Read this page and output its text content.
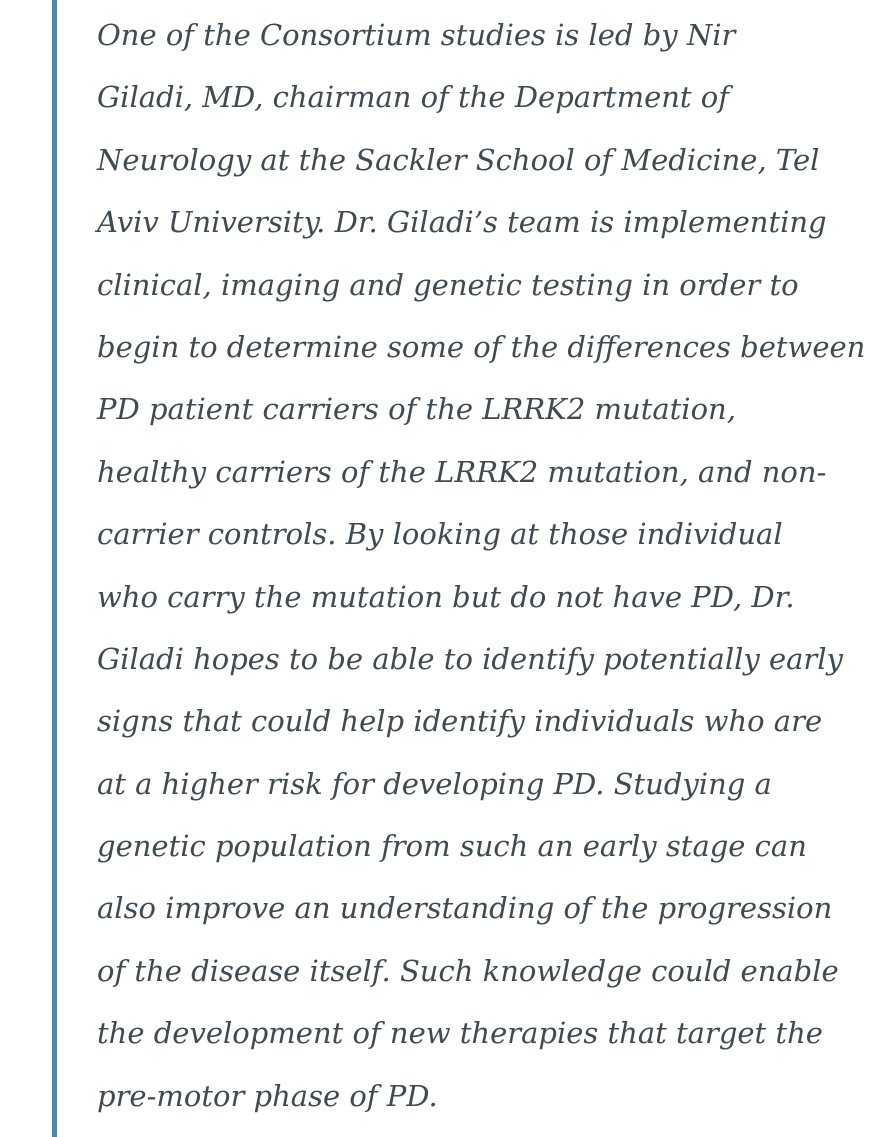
One of the Consortium studies is led by Nir
Giladi, MD, chairman of the Department of
Neurology at the Sackler School of Medicine, Tel
Aviv University. Dr. Giladi’s team is implementing
clinical, imaging and genetic testing in order to
begin to determine some of the differences between
PD patient carriers of the LRRK2 mutation,
healthy carriers of the LRRK2 mutation, and non-
carrier controls. By looking at those individual
who carry the mutation but do not have PD, Dr.
Giladi hopes to be able to identify potentially early
signs that could help identify individuals who are
at a higher risk for developing PD. Studying a
genetic population from such an early stage can
also improve an understanding of the progression
of the disease itself. Such knowledge could enable
the development of new therapies that target the
pre-motor phase of PD.
